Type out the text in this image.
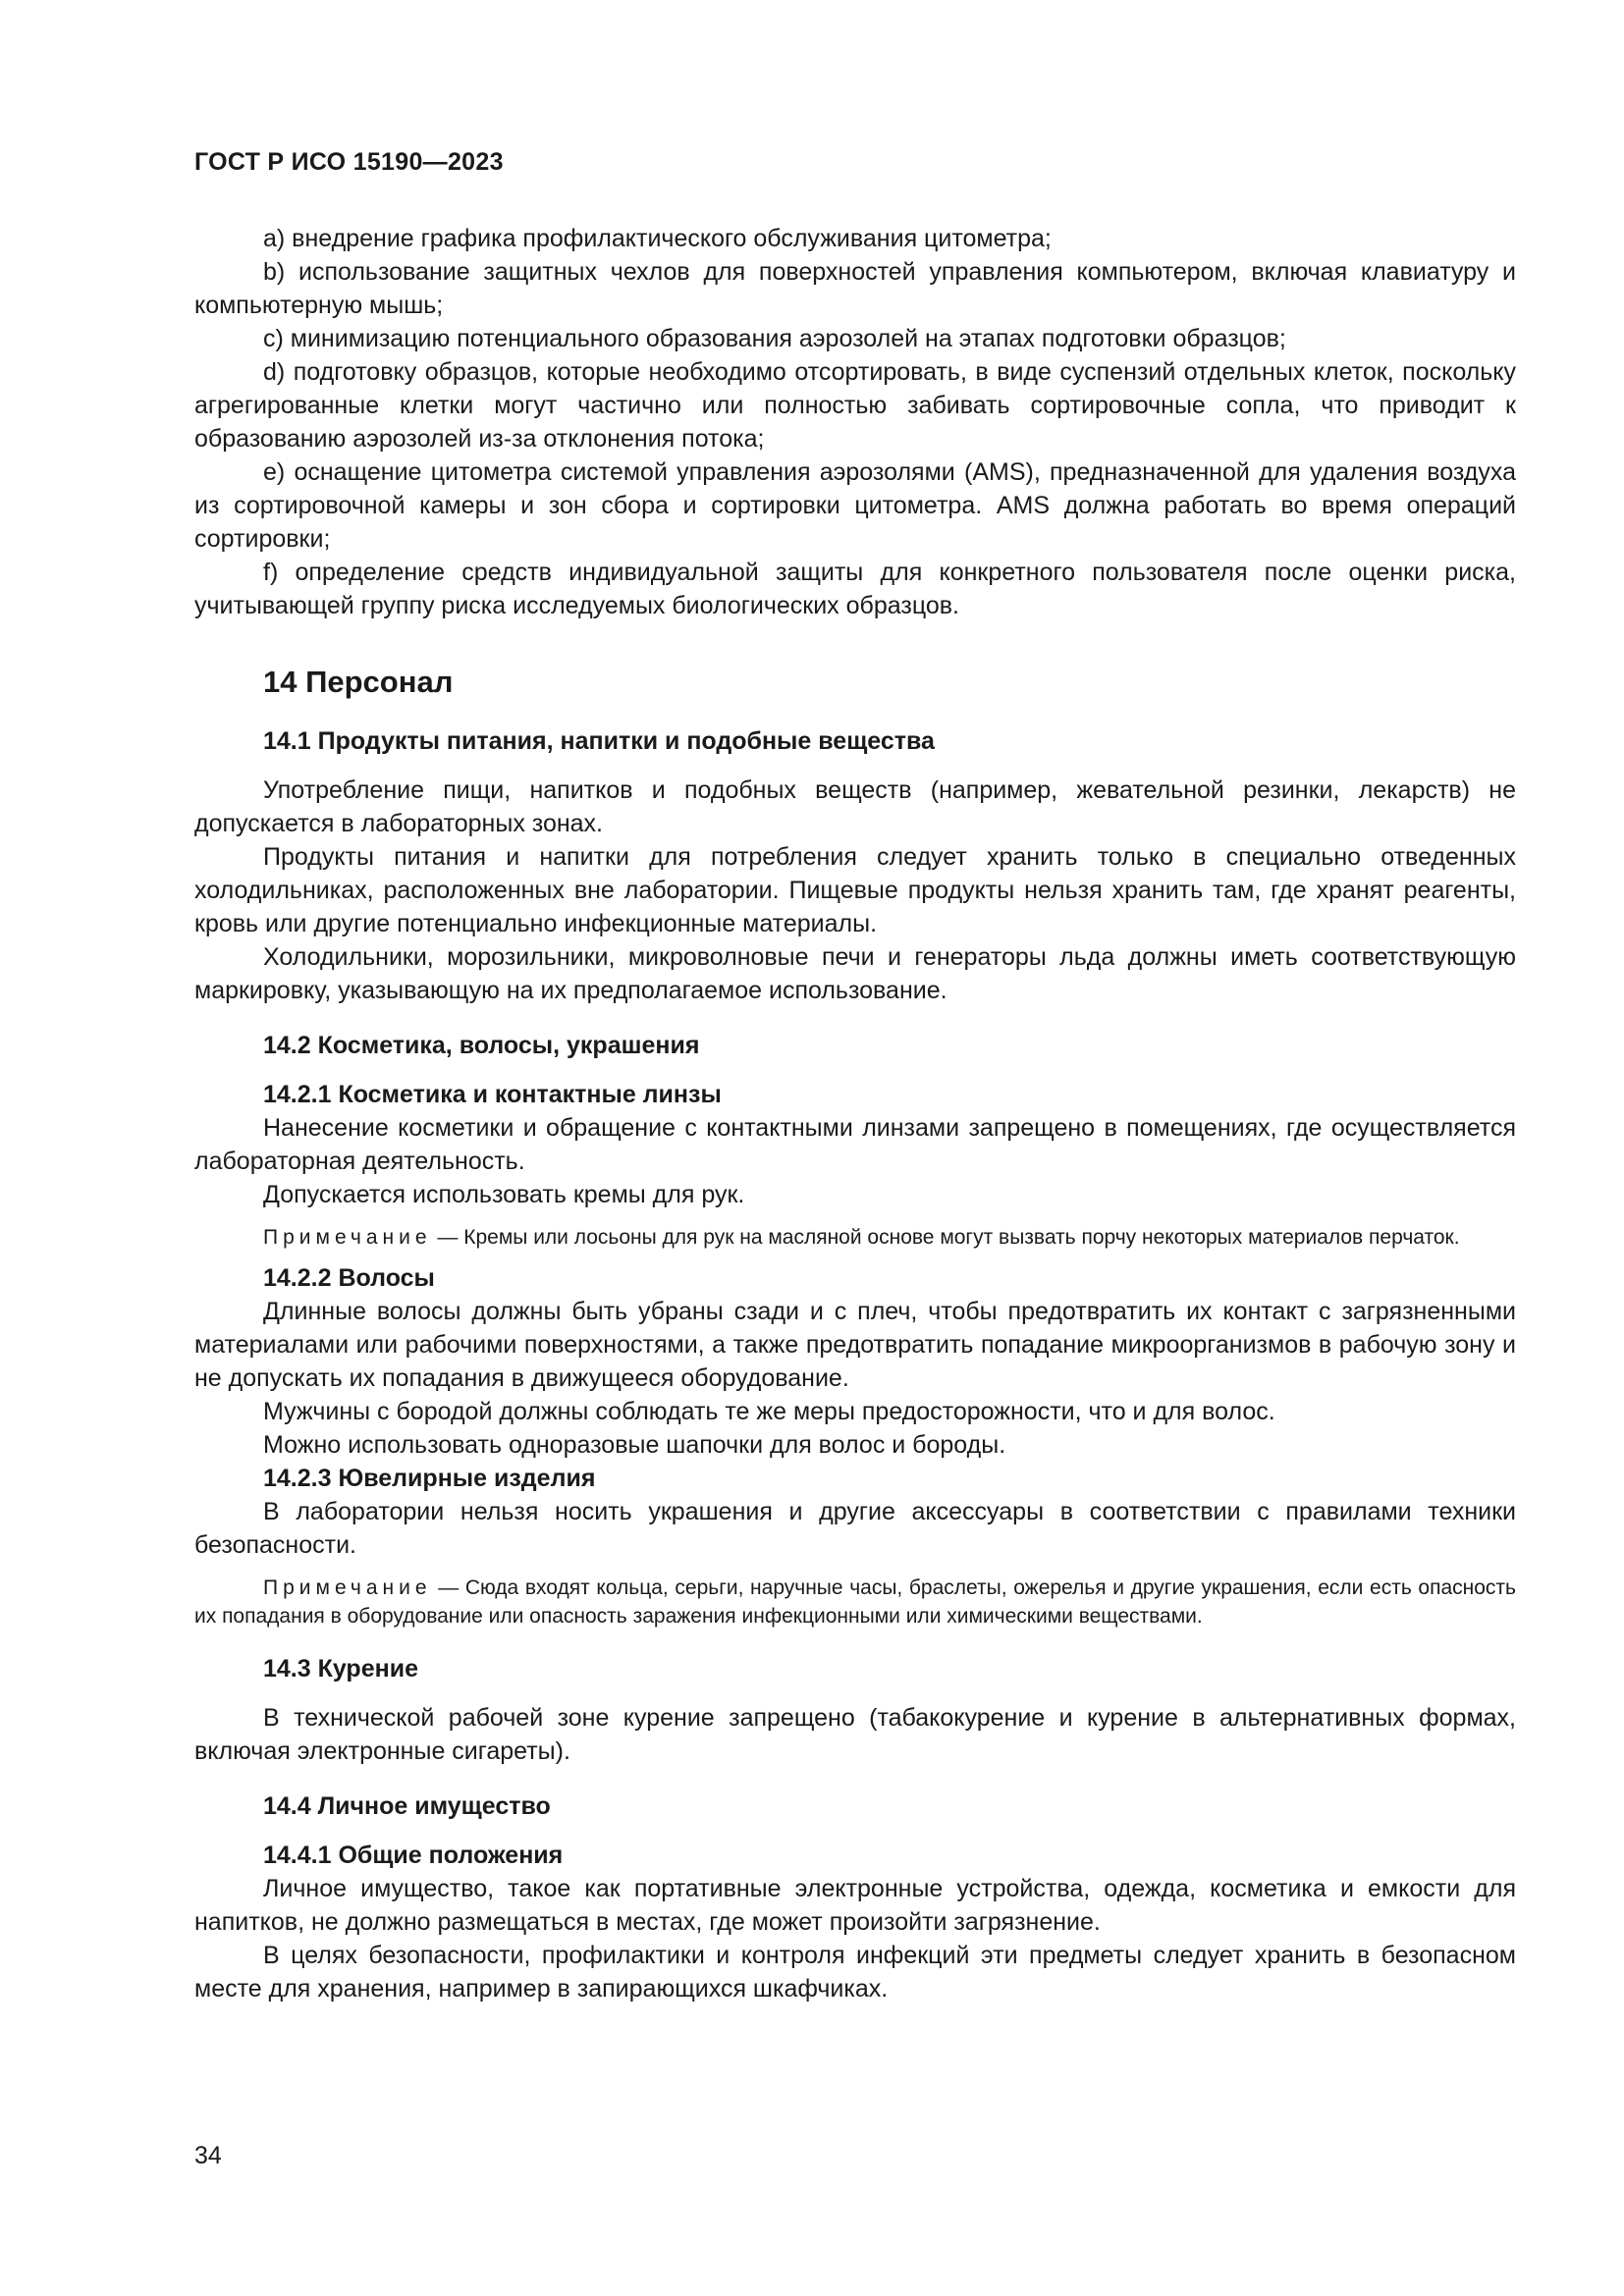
ГОСТ Р ИСО 15190—2023

a) внедрение графика профилактического обслуживания цитометра;

b) использование защитных чехлов для поверхностей управления компьютером, включая клавиатуру и компьютерную мышь;

c) минимизацию потенциального образования аэрозолей на этапах подготовки образцов;

d) подготовку образцов, которые необходимо отсортировать, в виде суспензий отдельных клеток, поскольку агрегированные клетки могут частично или полностью забивать сортировочные сопла, что приводит к образованию аэрозолей из-за отклонения потока;

e) оснащение цитометра системой управления аэрозолями (AMS), предназначенной для удаления воздуха из сортировочной камеры и зон сбора и сортировки цитометра. AMS должна работать во время операций сортировки;

f) определение средств индивидуальной защиты для конкретного пользователя после оценки риска, учитывающей группу риска исследуемых биологических образцов.

14 Персонал
14.1 Продукты питания, напитки и подобные вещества

Употребление пищи, напитков и подобных веществ (например, жевательной резинки, лекарств) не допускается в лабораторных зонах.

Продукты питания и напитки для потребления следует хранить только в специально отведенных холодильниках, расположенных вне лаборатории. Пищевые продукты нельзя хранить там, где хранят реагенты, кровь или другие потенциально инфекционные материалы.

Холодильники, морозильники, микроволновые печи и генераторы льда должны иметь соответствующую маркировку, указывающую на их предполагаемое использование.

14.2 Косметика, волосы, украшения
14.2.1 Косметика и контактные линзы

Нанесение косметики и обращение с контактными линзами запрещено в помещениях, где осуществляется лабораторная деятельность.

Допускается использовать кремы для рук.

Примечание — Кремы или лосьоны для рук на масляной основе могут вызвать порчу некоторых материалов перчаток.

14.2.2 Волосы

Длинные волосы должны быть убраны сзади и с плеч, чтобы предотвратить их контакт с загрязненными материалами или рабочими поверхностями, а также предотвратить попадание микроорганизмов в рабочую зону и не допускать их попадания в движущееся оборудование.

Мужчины с бородой должны соблюдать те же меры предосторожности, что и для волос.

Можно использовать одноразовые шапочки для волос и бороды.

14.2.3 Ювелирные изделия

В лаборатории нельзя носить украшения и другие аксессуары в соответствии с правилами техники безопасности.

Примечание — Сюда входят кольца, серьги, наручные часы, браслеты, ожерелья и другие украшения, если есть опасность их попадания в оборудование или опасность заражения инфекционными или химическими веществами.

14.3 Курение

В технической рабочей зоне курение запрещено (табакокурение и курение в альтернативных формах, включая электронные сигареты).

14.4 Личное имущество
14.4.1 Общие положения

Личное имущество, такое как портативные электронные устройства, одежда, косметика и емкости для напитков, не должно размещаться в местах, где может произойти загрязнение.

В целях безопасности, профилактики и контроля инфекций эти предметы следует хранить в безопасном месте для хранения, например в запирающихся шкафчиках.

34
